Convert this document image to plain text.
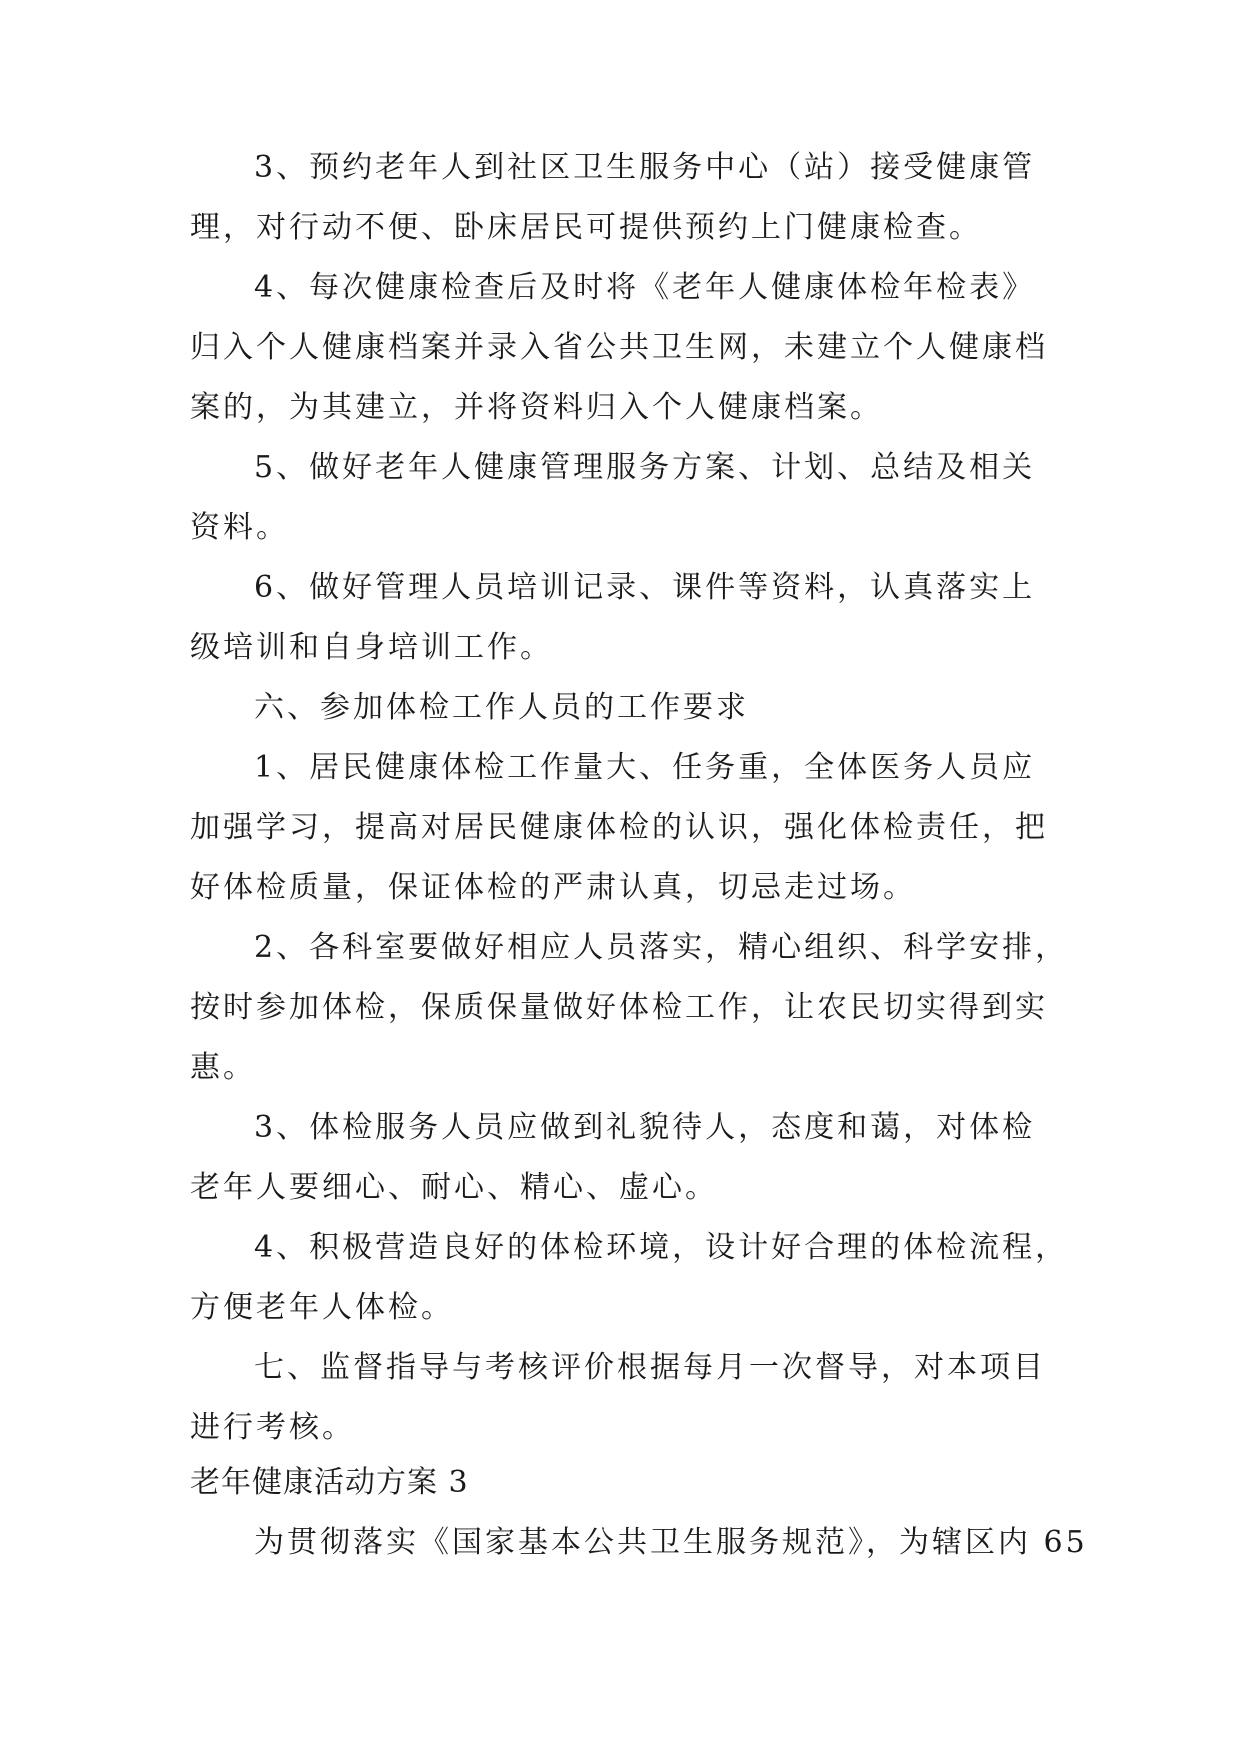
3、预约老年人到社区卫生服务中心（站）接受健康管
理，对行动不便、卧床居民可提供预约上门健康检查。
4、每次健康检查后及时将《老年人健康体检年检表》
归入个人健康档案并录入省公共卫生网，未建立个人健康档
案的，为其建立，并将资料归入个人健康档案。
5、做好老年人健康管理服务方案、计划、总结及相关
资料。
6、做好管理人员培训记录、课件等资料，认真落实上
级培训和自身培训工作。
六、参加体检工作人员的工作要求
1、居民健康体检工作量大、任务重，全体医务人员应
加强学习，提高对居民健康体检的认识，强化体检责任，把
好体检质量，保证体检的严肃认真，切忌走过场。
2、各科室要做好相应人员落实，精心组织、科学安排，
按时参加体检，保质保量做好体检工作，让农民切实得到实
惠。
3、体检服务人员应做到礼貌待人，态度和蔼，对体检
老年人要细心、耐心、精心、虚心。
4、积极营造良好的体检环境，设计好合理的体检流程，
方便老年人体检。
七、监督指导与考核评价根据每月一次督导，对本项目
进行考核。
老年健康活动方案 3
为贯彻落实《国家基本公共卫生服务规范》，为辖区内 65
